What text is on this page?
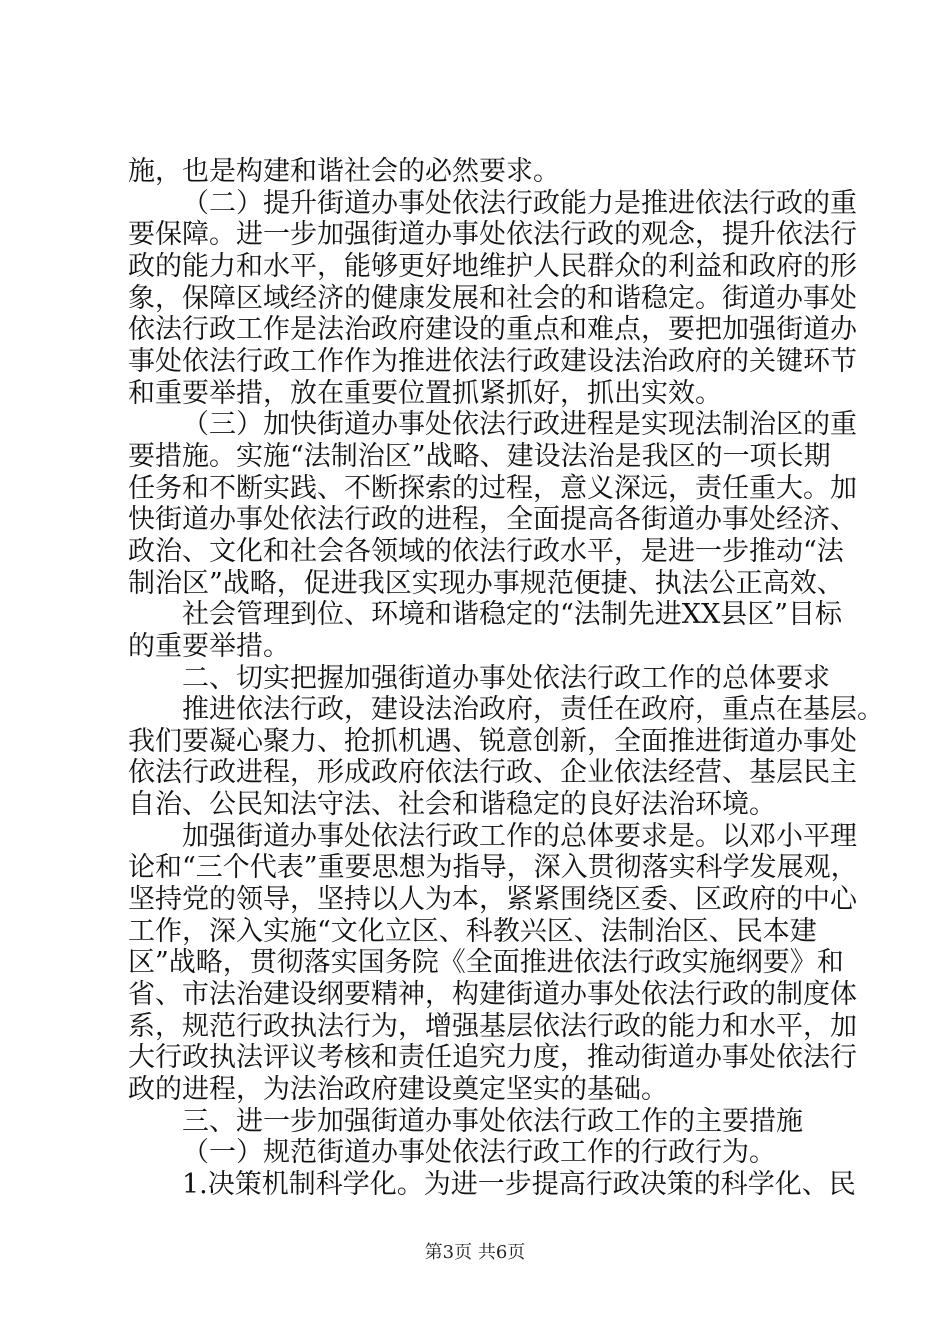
施，也是构建和谐社会的必然要求。
（二）提升街道办事处依法行政能力是推进依法行政的重
要保障。进一步加强街道办事处依法行政的观念，提升依法行
政的能力和水平，能够更好地维护人民群众的利益和政府的形
象，保障区域经济的健康发展和社会的和谐稳定。街道办事处
依法行政工作是法治政府建设的重点和难点，要把加强街道办
事处依法行政工作作为推进依法行政建设法治政府的关键环节
和重要举措，放在重要位置抓紧抓好，抓出实效。
（三）加快街道办事处依法行政进程是实现法制治区的重
要措施。实施“法制治区”战略、建设法治是我区的一项长期
任务和不断实践、不断探索的过程，意义深远，责任重大。加
快街道办事处依法行政的进程，全面提高各街道办事处经济、
政治、文化和社会各领域的依法行政水平，是进一步推动“法
制治区”战略，促进我区实现办事规范便捷、执法公正高效、
社会管理到位、环境和谐稳定的“法制先进XX县区”目标
的重要举措。
二、切实把握加强街道办事处依法行政工作的总体要求
推进依法行政，建设法治政府，责任在政府，重点在基层。
我们要凝心聚力、抢抓机遇、锐意创新，全面推进街道办事处
依法行政进程，形成政府依法行政、企业依法经营、基层民主
自治、公民知法守法、社会和谐稳定的良好法治环境。
加强街道办事处依法行政工作的总体要求是。以邓小平理
论和“三个代表”重要思想为指导，深入贯彻落实科学发展观，
坚持党的领导，坚持以人为本，紧紧围绕区委、区政府的中心
工作，深入实施“文化立区、科教兴区、法制治区、民本建
区”战略，贯彻落实国务院《全面推进依法行政实施纲要》和
省、市法治建设纲要精神，构建街道办事处依法行政的制度体
系，规范行政执法行为，增强基层依法行政的能力和水平，加
大行政执法评议考核和责任追究力度，推动街道办事处依法行
政的进程，为法治政府建设奠定坚实的基础。
三、进一步加强街道办事处依法行政工作的主要措施
（一）规范街道办事处依法行政工作的行政行为。
1.决策机制科学化。为进一步提高行政决策的科学化、民
第3页 共6页
